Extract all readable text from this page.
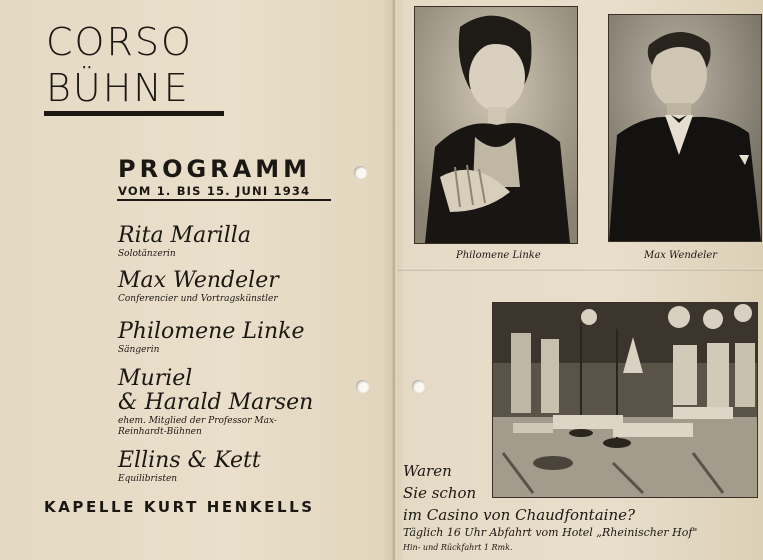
CORSO
BÜHNE
PROGRAMM
VOM 1. BIS 15. JUNI 1934
Rita Marilla
Solotänzerin
Max Wendeler
Conferencier und Vortragskünstler
Philomene Linke
Sängerin
Muriel
& Harald Marsen
ehem. Mitglied der Professor Max-
Reinhardt-Bühnen
Ellins & Kett
Equilibristen
KAPELLE KURT HENKELLS
Philomene Linke	Max Wendeler
Waren
Sie schon
im Casino von Chaudfontaine?
Täglich 16 Uhr Abfahrt vom Hotel „Rheinischer Hof"
Hin- und Rückfahrt 1 Rmk.
